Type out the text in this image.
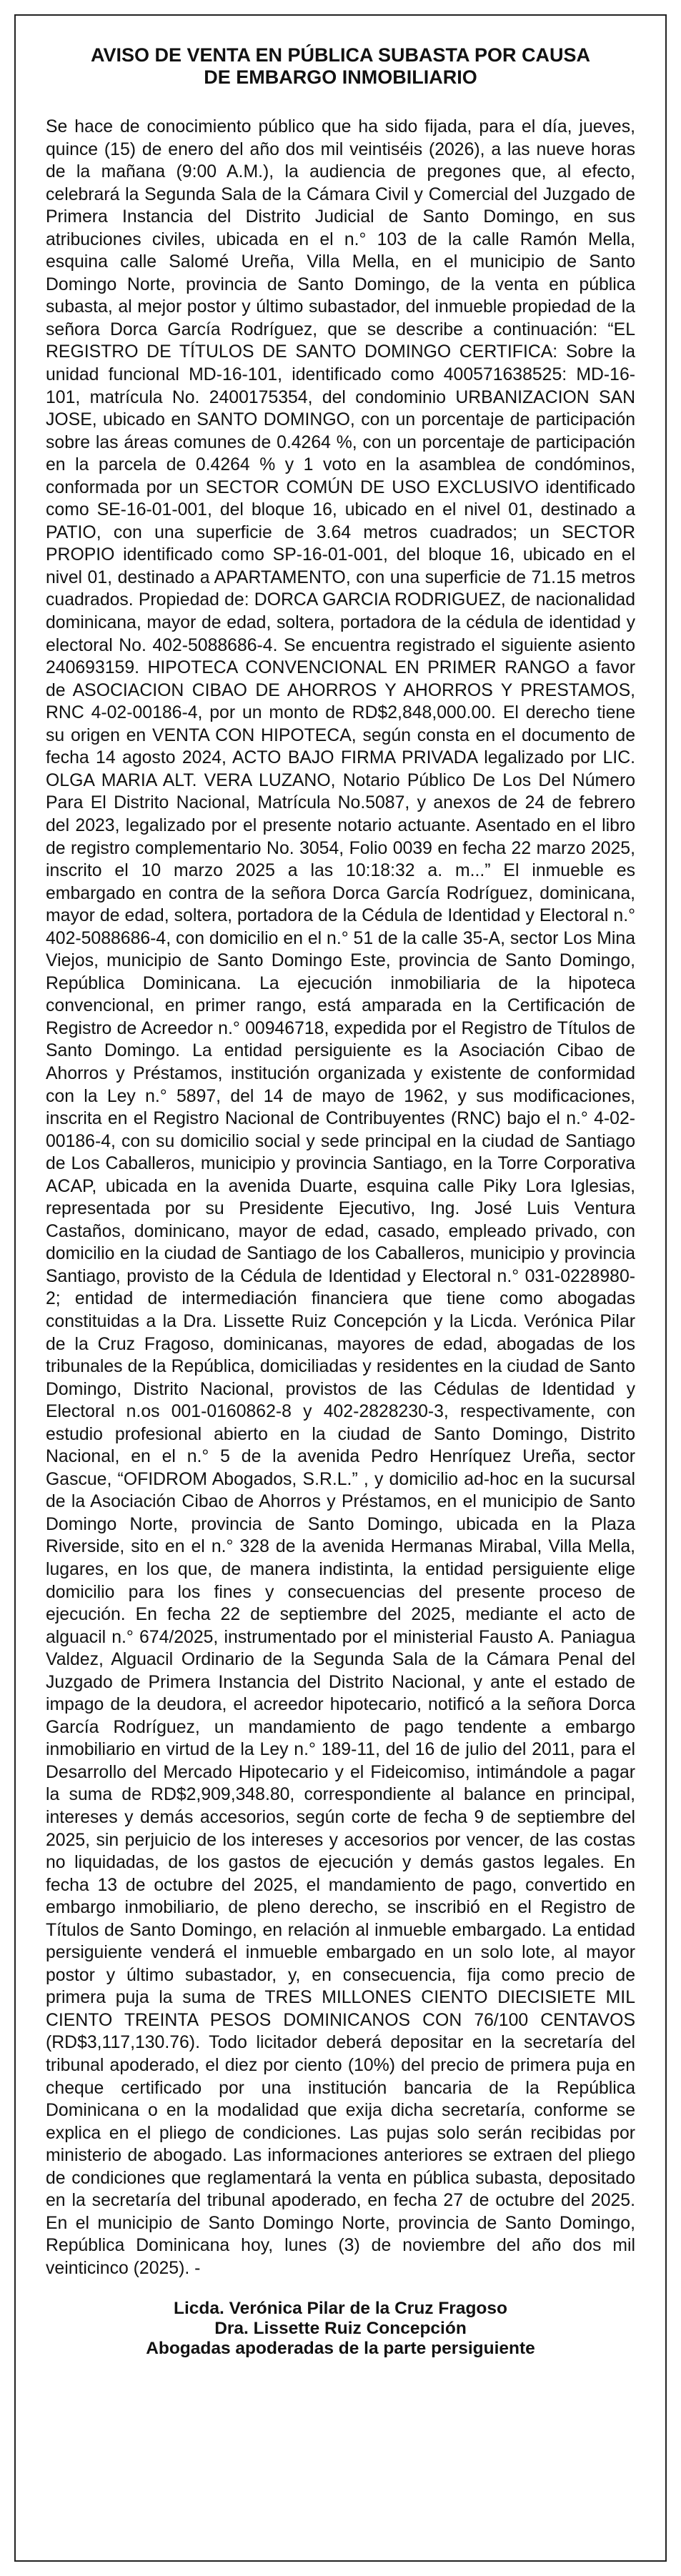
AVISO DE VENTA EN PÚBLICA SUBASTA POR CAUSA
DE EMBARGO INMOBILIARIO

Se hace de conocimiento público que ha sido fijada, para el día, jueves, quince (15) de enero del año dos mil veintiséis (2026), a las nueve horas de la mañana (9:00 A.M.), la audiencia de pregones que, al efecto, celebrará la Segunda Sala de la Cámara Civil y Comercial del Juzgado de Primera Instancia del Distrito Judicial de Santo Domingo, en sus atribuciones civiles, ubicada en el n.° 103 de la calle Ramón Mella, esquina calle Salomé Ureña, Villa Mella, en el municipio de Santo Domingo Norte, provincia de Santo Domingo, de la venta en pública subasta, al mejor postor y último subastador, del inmueble propiedad de la señora Dorca García Rodríguez, que se describe a continuación: “EL REGISTRO DE TÍTULOS DE SANTO DOMINGO CERTIFICA: Sobre la unidad funcional MD-16-101, identificado como 400571638525: MD-16-101, matrícula No. 2400175354, del condominio URBANIZACION SAN JOSE, ubicado en SANTO DOMINGO, con un porcentaje de participación sobre las áreas comunes de 0.4264 %, con un porcentaje de participación en la parcela de 0.4264 % y 1 voto en la asamblea de condóminos, conformada por un SECTOR COMÚN DE USO EXCLUSIVO identificado como SE-16-01-001, del bloque 16, ubicado en el nivel 01, destinado a PATIO, con una superficie de 3.64 metros cuadrados; un SECTOR PROPIO identificado como SP-16-01-001, del bloque 16, ubicado en el nivel 01, destinado a APARTAMENTO, con una superficie de 71.15 metros cuadrados. Propiedad de: DORCA GARCIA RODRIGUEZ, de nacionalidad dominicana, mayor de edad, soltera, portadora de la cédula de identidad y electoral No. 402-5088686-4. Se encuentra registrado el siguiente asiento 240693159. HIPOTECA CONVENCIONAL EN PRIMER RANGO a favor de ASOCIACION CIBAO DE AHORROS Y AHORROS Y PRESTAMOS, RNC 4-02-00186-4, por un monto de RD$2,848,000.00. El derecho tiene su origen en VENTA CON HIPOTECA, según consta en el documento de fecha 14 agosto 2024, ACTO BAJO FIRMA PRIVADA legalizado por LIC. OLGA MARIA ALT. VERA LUZANO, Notario Público De Los Del Número Para El Distrito Nacional, Matrícula No.5087, y anexos de 24 de febrero del 2023, legalizado por el presente notario actuante. Asentado en el libro de registro complementario No. 3054, Folio 0039 en fecha 22 marzo 2025, inscrito el 10 marzo 2025 a las 10:18:32 a. m...” El inmueble es embargado en contra de la señora Dorca García Rodríguez, dominicana, mayor de edad, soltera, portadora de la Cédula de Identidad y Electoral n.° 402-5088686-4, con domicilio en el n.° 51 de la calle 35-A, sector Los Mina Viejos, municipio de Santo Domingo Este, provincia de Santo Domingo, República Dominicana. La ejecución inmobiliaria de la hipoteca convencional, en primer rango, está amparada en la Certificación de Registro de Acreedor n.° 00946718, expedida por el Registro de Títulos de Santo Domingo. La entidad persiguiente es la Asociación Cibao de Ahorros y Préstamos, institución organizada y existente de conformidad con la Ley n.° 5897, del 14 de mayo de 1962, y sus modificaciones, inscrita en el Registro Nacional de Contribuyentes (RNC) bajo el n.° 4-02-00186-4, con su domicilio social y sede principal en la ciudad de Santiago de Los Caballeros, municipio y provincia Santiago, en la Torre Corporativa ACAP, ubicada en la avenida Duarte, esquina calle Piky Lora Iglesias, representada por su Presidente Ejecutivo, Ing. José Luis Ventura Castaños, dominicano, mayor de edad, casado, empleado privado, con domicilio en la ciudad de Santiago de los Caballeros, municipio y provincia Santiago, provisto de la Cédula de Identidad y Electoral n.° 031-0228980-2; entidad de intermediación financiera que tiene como abogadas constituidas a la Dra. Lissette Ruiz Concepción y la Licda. Verónica Pilar de la Cruz Fragoso, dominicanas, mayores de edad, abogadas de los tribunales de la República, domiciliadas y residentes en la ciudad de Santo Domingo, Distrito Nacional, provistos de las Cédulas de Identidad y Electoral n.os 001-0160862-8 y 402-2828230-3, respectivamente, con estudio profesional abierto en la ciudad de Santo Domingo, Distrito Nacional, en el n.° 5 de la avenida Pedro Henríquez Ureña, sector Gascue, “OFIDROM Abogados, S.R.L.” , y domicilio ad-hoc en la sucursal de la Asociación Cibao de Ahorros y Préstamos, en el municipio de Santo Domingo Norte, provincia de Santo Domingo, ubicada en la Plaza Riverside, sito en el n.° 328 de la avenida Hermanas Mirabal, Villa Mella, lugares, en los que, de manera indistinta, la entidad persiguiente elige domicilio para los fines y consecuencias del presente proceso de ejecución. En fecha 22 de septiembre del 2025, mediante el acto de alguacil n.° 674/2025, instrumentado por el ministerial Fausto A. Paniagua Valdez, Alguacil Ordinario de la Segunda Sala de la Cámara Penal del Juzgado de Primera Instancia del Distrito Nacional, y ante el estado de impago de la deudora, el acreedor hipotecario, notificó a la señora Dorca García Rodríguez, un mandamiento de pago tendente a embargo inmobiliario en virtud de la Ley n.° 189-11, del 16 de julio del 2011, para el Desarrollo del Mercado Hipotecario y el Fideicomiso, intimándole a pagar la suma de RD$2,909,348.80, correspondiente al balance en principal, intereses y demás accesorios, según corte de fecha 9 de septiembre del 2025, sin perjuicio de los intereses y accesorios por vencer, de las costas no liquidadas, de los gastos de ejecución y demás gastos legales. En fecha 13 de octubre del 2025, el mandamiento de pago, convertido en embargo inmobiliario, de pleno derecho, se inscribió en el Registro de Títulos de Santo Domingo, en relación al inmueble embargado. La entidad persiguiente venderá el inmueble embargado en un solo lote, al mayor postor y último subastador, y, en consecuencia, fija como precio de primera puja la suma de TRES MILLONES CIENTO DIECISIETE MIL CIENTO TREINTA PESOS DOMINICANOS CON 76/100 CENTAVOS (RD$3,117,130.76). Todo licitador deberá depositar en la secretaría del tribunal apoderado, el diez por ciento (10%) del precio de primera puja en cheque certificado por una institución bancaria de la República Dominicana o en la modalidad que exija dicha secretaría, conforme se explica en el pliego de condiciones. Las pujas solo serán recibidas por ministerio de abogado. Las informaciones anteriores se extraen del pliego de condiciones que reglamentará la venta en pública subasta, depositado en la secretaría del tribunal apoderado, en fecha 27 de octubre del 2025. En el municipio de Santo Domingo Norte, provincia de Santo Domingo, República Dominicana hoy, lunes (3) de noviembre del año dos mil veinticinco (2025). -

Licda. Verónica Pilar de la Cruz Fragoso
Dra. Lissette Ruiz Concepción
Abogadas apoderadas de la parte persiguiente
